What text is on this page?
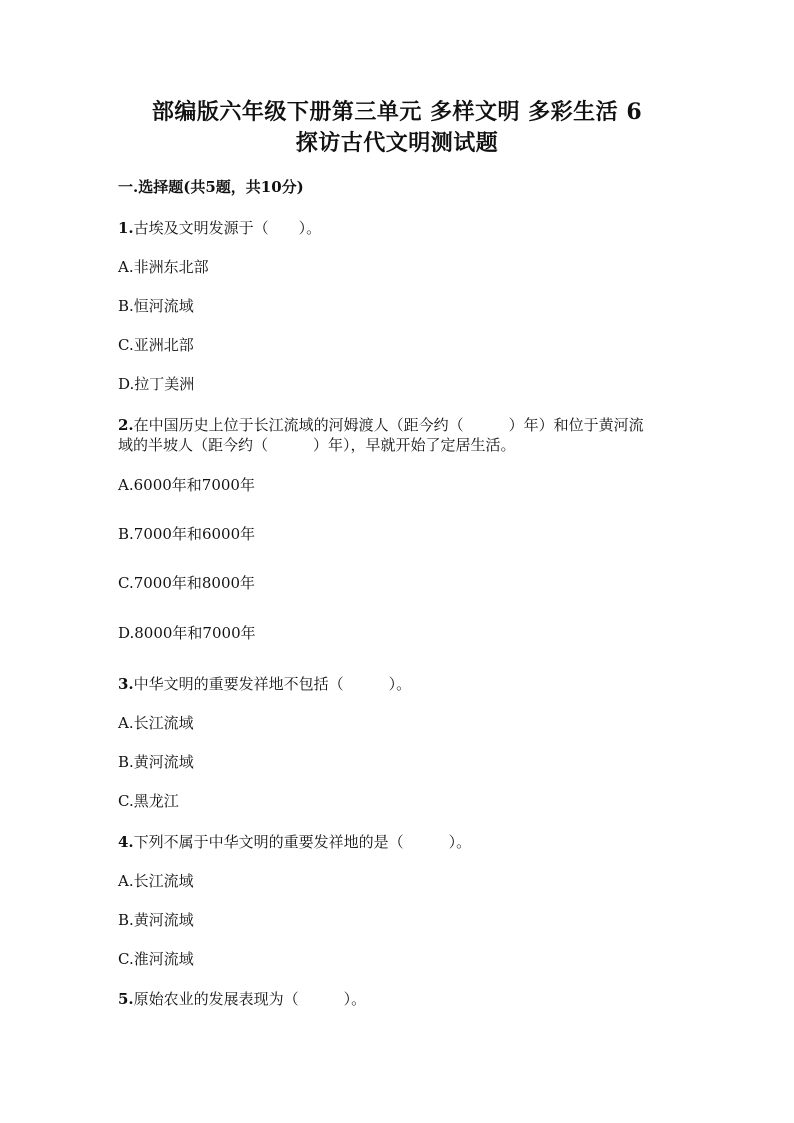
部编版六年级下册第三单元 多样文明 多彩生活 6
探访古代文明测试题
一.选择题(共5题，共10分)
1.古埃及文明发源于（　　）。
A.非洲东北部
B.恒河流域
C.亚洲北部
D.拉丁美洲
2.在中国历史上位于长江流域的河姆渡人（距今约（　　　）年）和位于黄河流
域的半坡人（距今约（　　　）年），早就开始了定居生活。
A.6000年和7000年
B.7000年和6000年
C.7000年和8000年
D.8000年和7000年
3.中华文明的重要发祥地不包括（　　　）。
A.长江流域
B.黄河流域
C.黑龙江
4.下列不属于中华文明的重要发祥地的是（　　　）。
A.长江流域
B.黄河流域
C.淮河流域
5.原始农业的发展表现为（　　　）。
